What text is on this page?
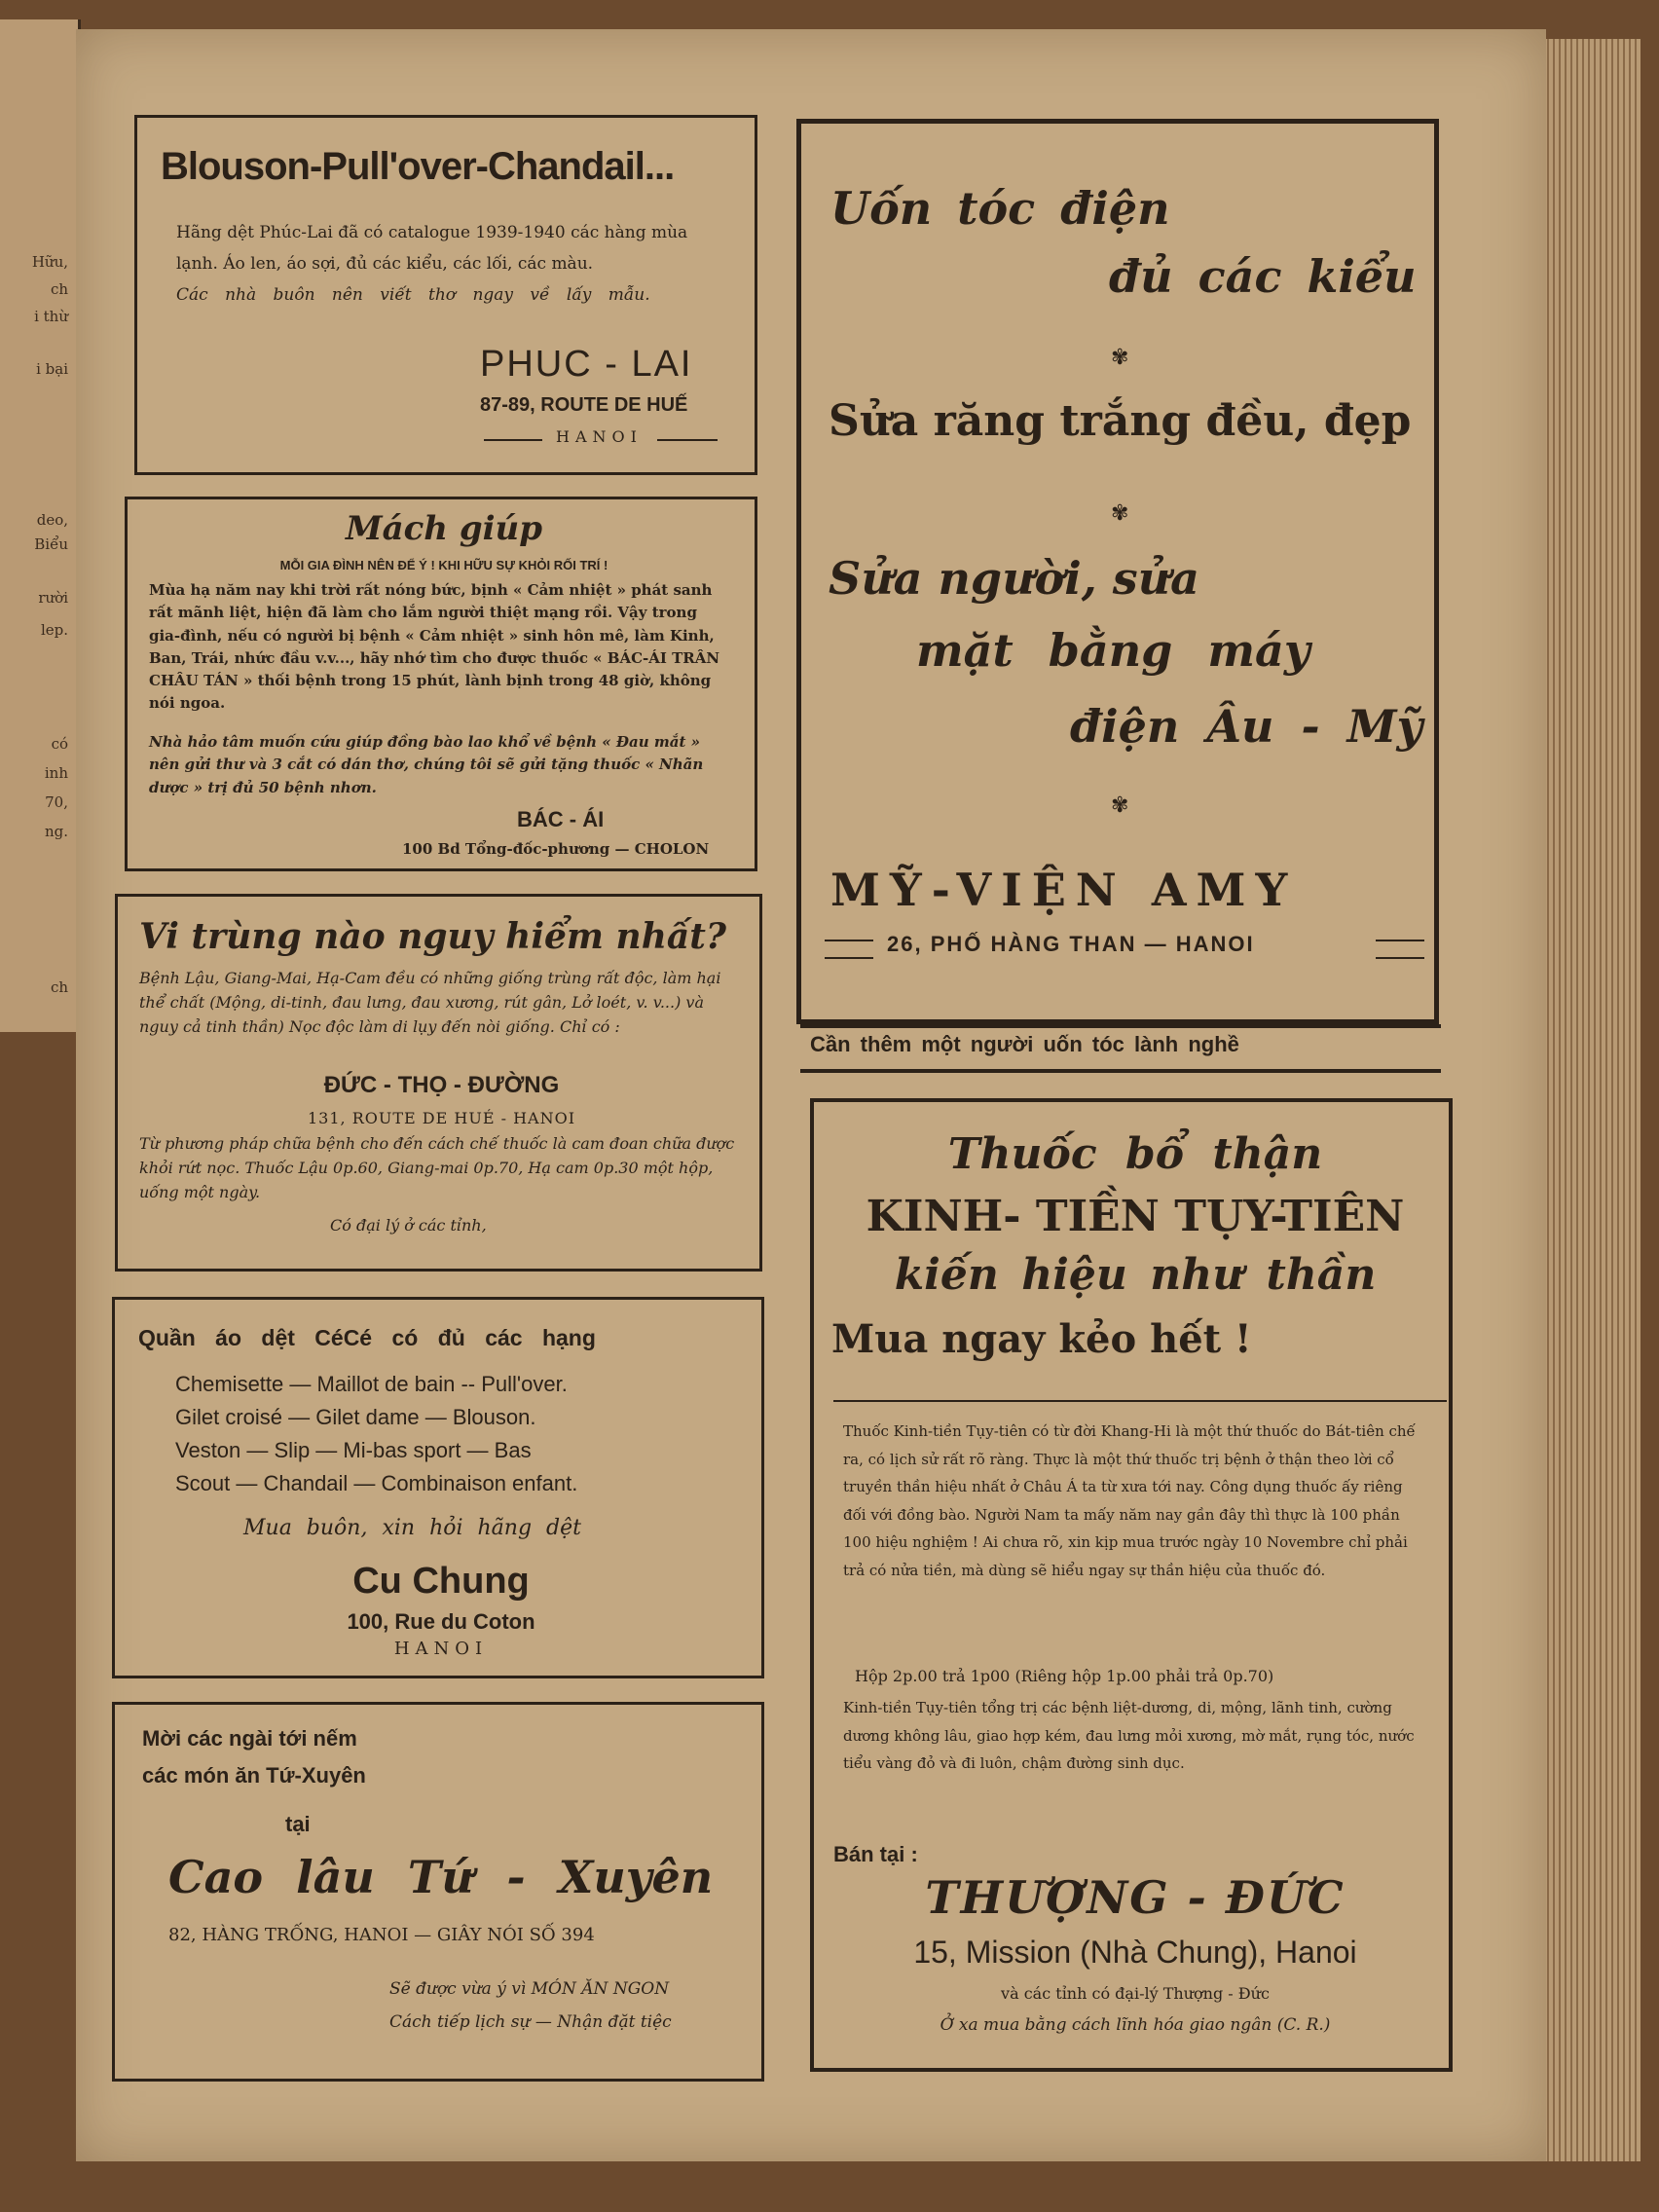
Hữu,
ch
i thừ
i bại
deo,
Biểu
rười
lep.
có
inh
70,
ng.
ch
Blouson-Pull'over-Chandail...
Hãng dệt Phúc-Lai đã có catalogue 1939-1940 các hàng mùa
lạnh. Áo len, áo sợi, đủ các kiểu, các lối, các màu.
Các nhà buôn nên viết thơ ngay về lấy mẫu.
PHUC - LAI
87-89, ROUTE DE HUẾ
HANOI
Mách giúp
MỖI GIA ĐÌNH NÊN ĐỂ Ý ! KHI HỮU SỰ KHỎI RỐI TRÍ !
Mùa hạ năm nay khi trời rất nóng bức, bịnh « Cảm nhiệt » phát sanh rất mãnh liệt, hiện đã làm cho lắm người thiệt mạng rồi. Vậy trong gia-đình, nếu có người bị bệnh « Cảm nhiệt » sinh hôn mê, làm Kinh, Ban, Trái, nhức đầu v.v..., hãy nhớ tìm cho được thuốc « BÁC-ÁI TRÂN CHÂU TÁN » thối bệnh trong 15 phút, lành bịnh trong 48 giờ, không nói ngoa.
Nhà hảo tâm muốn cứu giúp đồng bào lao khổ về bệnh « Đau mắt » nên gửi thư và 3 cắt có dán thơ, chúng tôi sẽ gửi tặng thuốc « Nhãn dược » trị đủ 50 bệnh nhơn.
BÁC - ÁI
100 Bd Tổng-đốc-phương — CHOLON
Vi trùng nào nguy hiểm nhất?
Bệnh Lậu, Giang-Mai, Hạ-Cam đều có những giống trùng rất độc, làm hại thể chất (Mộng, di-tinh, đau lưng, đau xương, rút gân, Lở loét, v. v...) và nguy cả tinh thần) Nọc độc làm di lụy đến nòi giống. Chỉ có :
ĐỨC - THỌ - ĐƯỜNG
131, ROUTE DE HUÉ - HANOI
Từ phương pháp chữa bệnh cho đến cách chế thuốc là cam đoan chữa được khỏi rứt nọc. Thuốc Lậu 0p.60, Giang-mai 0p.70, Hạ cam 0p.30 một hộp, uống một ngày.
Có đại lý ở các tỉnh,
Quần áo dệt CéCé có đủ các hạng
Chemisette — Maillot de bain -- Pull'over.
Gilet croisé — Gilet dame — Blouson.
Veston — Slip — Mi-bas sport — Bas
Scout — Chandail — Combinaison enfant.
Mua buôn, xin hỏi hãng dệt
Cu Chung
100, Rue du Coton
HANOI
Mời các ngài tới nếm
các món ăn Tứ-Xuyên
tại
Cao lâu Tứ - Xuyên
82, HÀNG TRỐNG, HANOI — GIÂY NÓI SỐ 394
Sẽ được vừa ý vì MÓN ĂN NGON
Cách tiếp lịch sự — Nhận đặt tiệc
Uốn tóc điện
đủ các kiểu
✾
Sửa răng trắng đều, đẹp
✾
Sửa người, sửa
mặt bằng máy
điện Âu - Mỹ
✾
MỸ-VIỆN AMY
26, PHỐ HÀNG THAN — HANOI
Cần thêm một người uốn tóc lành nghề
Thuốc bổ thận
KINH- TIỀN TỤY-TIÊN
kiến hiệu như thần
Mua ngay kẻo hết !
Thuốc Kinh-tiền Tụy-tiên có từ đời Khang-Hi là một thứ thuốc do Bát-tiên chế ra, có lịch sử rất rõ ràng. Thực là một thứ thuốc trị bệnh ở thận theo lời cổ truyền thần hiệu nhất ở Châu Á ta từ xưa tới nay. Công dụng thuốc ấy riêng đối với đồng bào. Người Nam ta mấy năm nay gần đây thì thực là 100 phần 100 hiệu nghiệm ! Ai chưa rõ, xin kịp mua trước ngày 10 Novembre chỉ phải trả có nửa tiền, mà dùng sẽ hiểu ngay sự thần hiệu của thuốc đó.
Hộp 2p.00 trả 1p00 (Riêng hộp 1p.00 phải trả 0p.70)
Kinh-tiền Tụy-tiên tổng trị các bệnh liệt-dương, di, mộng, lãnh tinh, cường dương không lâu, giao hợp kém, đau lưng mỏi xương, mờ mắt, rụng tóc, nước tiểu vàng đỏ và đi luôn, chậm đường sinh dục.
Bán tại :
THƯỢNG - ĐỨC
15, Mission (Nhà Chung), Hanoi
và các tỉnh có đại-lý Thượng - Đức
Ở xa mua bằng cách lĩnh hóa giao ngân (C. R.)
